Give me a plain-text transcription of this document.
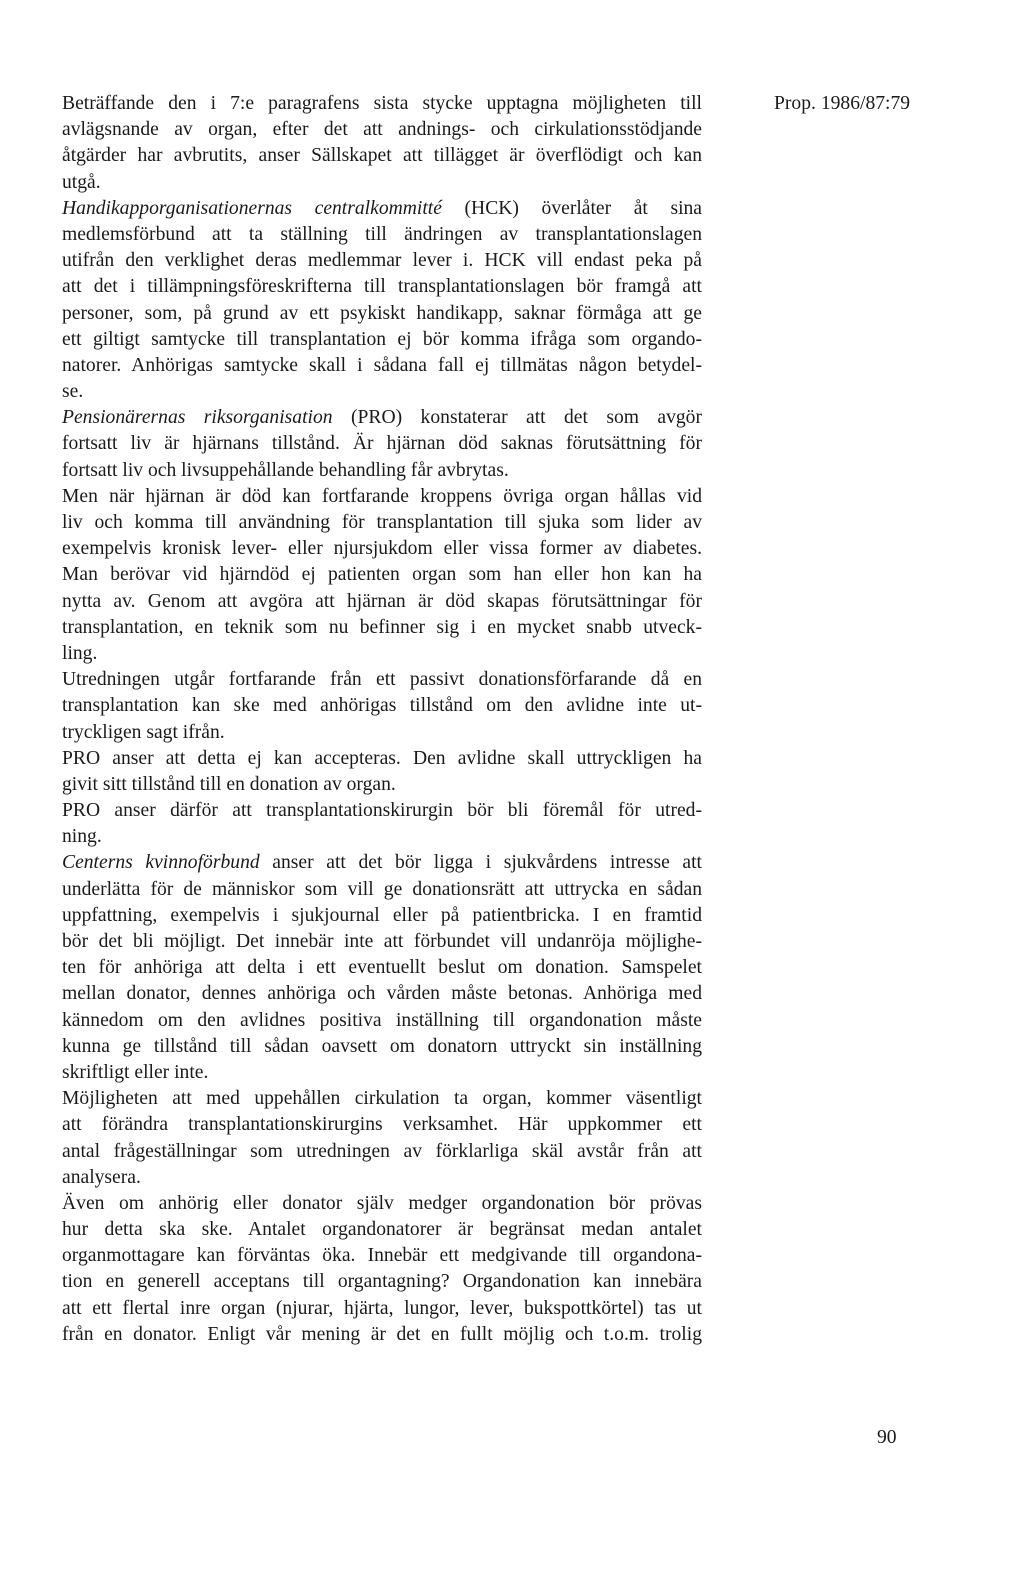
Prop. 1986/87:79
Beträffande den i 7:e paragrafens sista stycke upptagna möjligheten till
avlägsnande av organ, efter det att andnings- och cirkulationsstödjande
åtgärder har avbrutits, anser Sällskapet att tillägget är överflödigt och kan
utgå.
Handikapporganisationernas centralkommitté (HCK) överlåter åt sina
medlemsförbund att ta ställning till ändringen av transplantationslagen
utifrån den verklighet deras medlemmar lever i. HCK vill endast peka på
att det i tillämpningsföreskrifterna till transplantationslagen bör framgå att
personer, som, på grund av ett psykiskt handikapp, saknar förmåga att ge
ett giltigt samtycke till transplantation ej bör komma ifråga som orgando-
natorer. Anhörigas samtycke skall i sådana fall ej tillmätas någon betydel-
se.
Pensionärernas riksorganisation (PRO) konstaterar att det som avgör
fortsatt liv är hjärnans tillstånd. Är hjärnan död saknas förutsättning för
fortsatt liv och livsuppehållande behandling får avbrytas.
Men när hjärnan är död kan fortfarande kroppens övriga organ hållas vid
liv och komma till användning för transplantation till sjuka som lider av
exempelvis kronisk lever- eller njursjukdom eller vissa former av diabetes.
Man berövar vid hjärndöd ej patienten organ som han eller hon kan ha
nytta av. Genom att avgöra att hjärnan är död skapas förutsättningar för
transplantation, en teknik som nu befinner sig i en mycket snabb utveck-
ling.
Utredningen utgår fortfarande från ett passivt donationsförfarande då en
transplantation kan ske med anhörigas tillstånd om den avlidne inte ut-
tryckligen sagt ifrån.
PRO anser att detta ej kan accepteras. Den avlidne skall uttryckligen ha
givit sitt tillstånd till en donation av organ.
PRO anser därför att transplantationskirurgin bör bli föremål för utred-
ning.
Centerns kvinnoförbund anser att det bör ligga i sjukvårdens intresse att
underlätta för de människor som vill ge donationsrätt att uttrycka en sådan
uppfattning, exempelvis i sjukjournal eller på patientbricka. I en framtid
bör det bli möjligt. Det innebär inte att förbundet vill undanröja möjlighe-
ten för anhöriga att delta i ett eventuellt beslut om donation. Samspelet
mellan donator, dennes anhöriga och vården måste betonas. Anhöriga med
kännedom om den avlidnes positiva inställning till organdonation måste
kunna ge tillstånd till sådan oavsett om donatorn uttryckt sin inställning
skriftligt eller inte.
Möjligheten att med uppehållen cirkulation ta organ, kommer väsentligt
att förändra transplantationskirurgins verksamhet. Här uppkommer ett
antal frågeställningar som utredningen av förklarliga skäl avstår från att
analysera.
Även om anhörig eller donator själv medger organdonation bör prövas
hur detta ska ske. Antalet organdonatorer är begränsat medan antalet
organmottagare kan förväntas öka. Innebär ett medgivande till organdona-
tion en generell acceptans till organtagning? Organdonation kan innebära
att ett flertal inre organ (njurar, hjärta, lungor, lever, bukspottkörtel) tas ut
från en donator. Enligt vår mening är det en fullt möjlig och t.o.m. trolig
90
